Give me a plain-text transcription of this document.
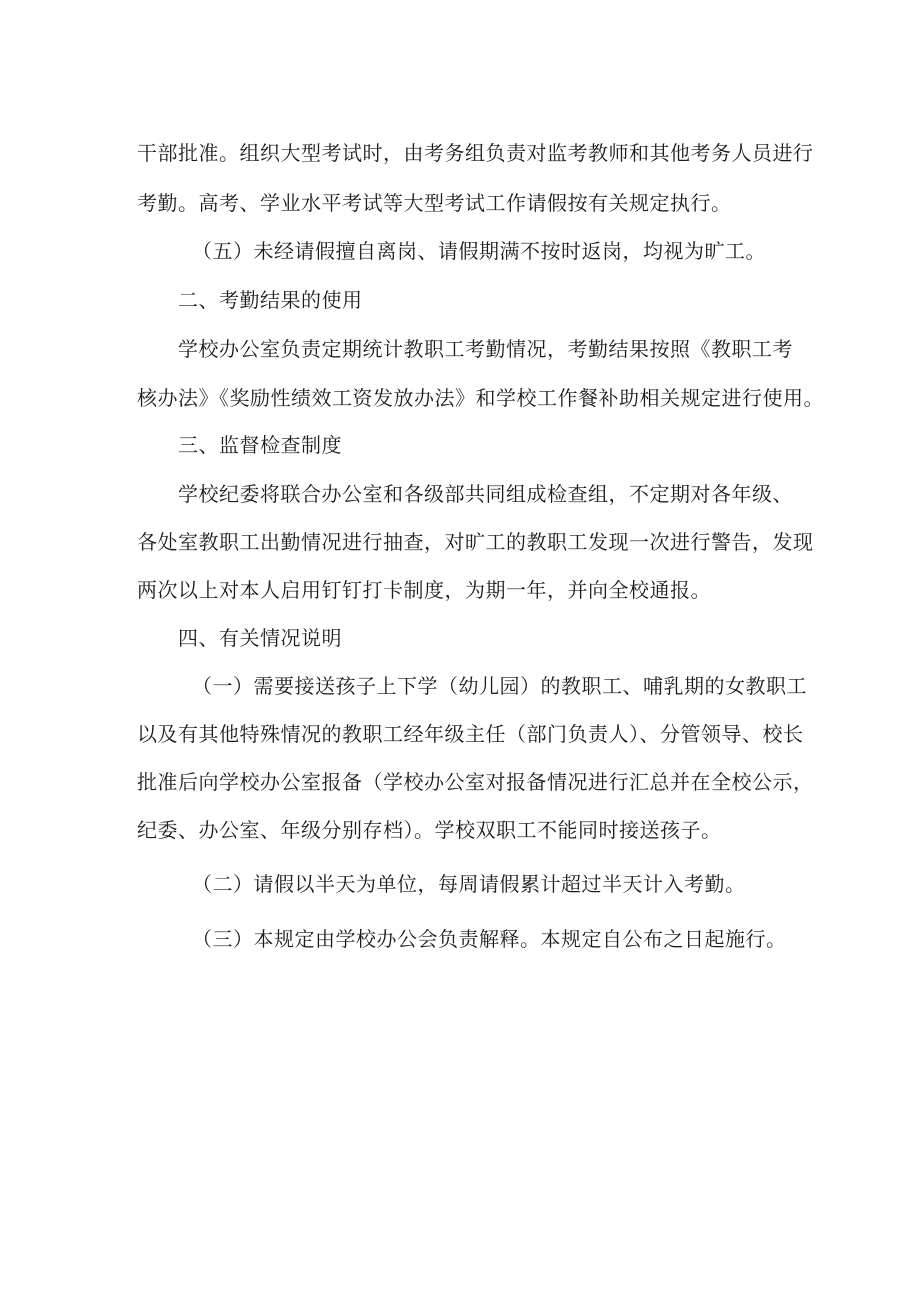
干部批准。组织大型考试时，由考务组负责对监考教师和其他考务人员进行

考勤。高考、学业水平考试等大型考试工作请假按有关规定执行。

（五）未经请假擅自离岗、请假期满不按时返岗，均视为旷工。

二、考勤结果的使用

学校办公室负责定期统计教职工考勤情况，考勤结果按照《教职工考

核办法》《奖励性绩效工资发放办法》和学校工作餐补助相关规定进行使用。

三、监督检查制度

学校纪委将联合办公室和各级部共同组成检查组，不定期对各年级、

各处室教职工出勤情况进行抽查，对旷工的教职工发现一次进行警告，发现

两次以上对本人启用钉钉打卡制度，为期一年，并向全校通报。

四、有关情况说明

（一）需要接送孩子上下学（幼儿园）的教职工、哺乳期的女教职工

以及有其他特殊情况的教职工经年级主任（部门负责人）、分管领导、校长

批准后向学校办公室报备（学校办公室对报备情况进行汇总并在全校公示，

纪委、办公室、年级分别存档）。学校双职工不能同时接送孩子。

（二）请假以半天为单位，每周请假累计超过半天计入考勤。

（三）本规定由学校办公会负责解释。本规定自公布之日起施行。
